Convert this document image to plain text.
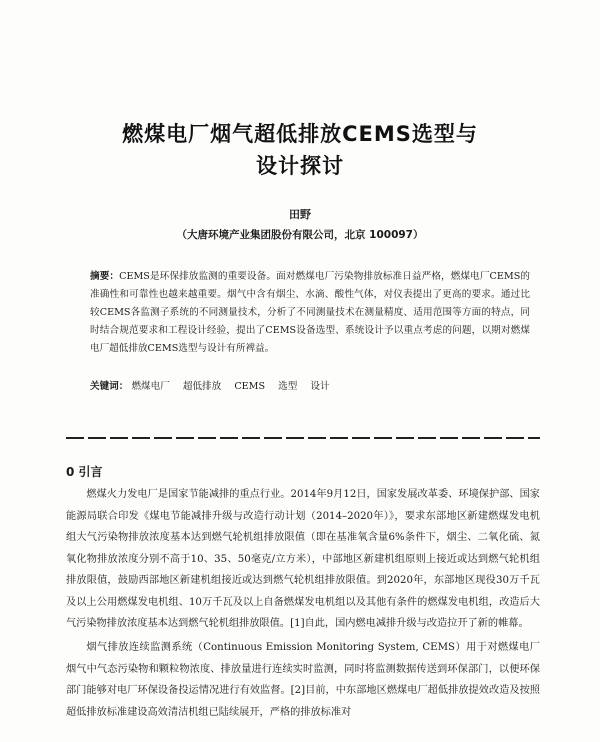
燃煤电厂烟气超低排放CEMS选型与
设计探讨
田野
（大唐环境产业集团股份有限公司，北京 100097）
摘要：CEMS是环保排放监测的重要设备。面对燃煤电厂污染物排放标准日益严格，燃煤电厂CEMS的准确性和可靠性也越来越重要。烟气中含有烟尘、水滴、酸性气体，对仪表提出了更高的要求。通过比较CEMS各监测子系统的不同测量技术，分析了不同测量技术在测量精度、适用范围等方面的特点，同时结合规范要求和工程设计经验，提出了CEMS设备选型、系统设计予以重点考虑的问题，以期对燃煤电厂超低排放CEMS选型与设计有所裨益。
关键词： 燃煤电厂 超低排放 CEMS 选型 设计
0 引言

燃煤火力发电厂是国家节能减排的重点行业。2014年9月12日，国家发展改革委、环境保护部、国家能源局联合印发《煤电节能减排升级与改造行动计划（2014–2020年）》，要求东部地区新建燃煤发电机组大气污染物排放浓度基本达到燃气轮机组排放限值（即在基准氧含量6%条件下，烟尘、二氧化硫、氮氧化物排放浓度分别不高于10、35、50毫克/立方米），中部地区新建机组原则上接近或达到燃气轮机组排放限值，鼓励西部地区新建机组接近或达到燃气轮机组排放限值。到2020年，东部地区现役30万千瓦及以上公用燃煤发电机组、10万千瓦及以上自备燃煤发电机组以及其他有条件的燃煤发电机组，改造后大气污染物排放浓度基本达到燃气轮机组排放限值。[1]自此，国内燃电减排升级与改造拉开了新的帷幕。

烟气排放连续监测系统（Continuous Emission Monitoring System, CEMS）用于对燃煤电厂烟气中气态污染物和颗粒物浓度、排放量进行连续实时监测，同时将监测数据传送到环保部门，以便环保部门能够对电厂环保设备投运情况进行有效监督。[2]目前，中东部地区燃煤电厂超低排放提效改造及按照超低排放标准建设高效清洁机组已陆续展开，严格的排放标准对
